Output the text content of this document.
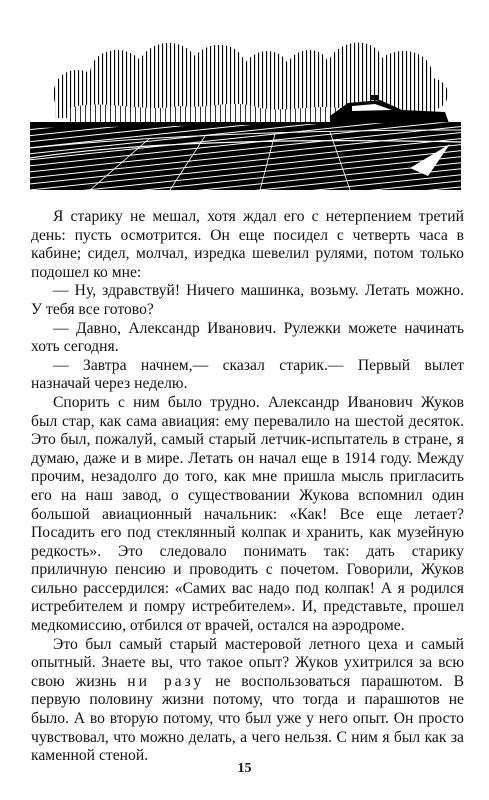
Я старику не мешал, хотя ждал его с нетерпением третий день: пусть осмотрится. Он еще посидел с четверть часа в кабине; сидел, молчал, изредка шевелил рулями, потом только подошел ко мне:

— Ну, здравствуй! Ничего машинка, возьму. Летать можно. У тебя все готово?

— Давно, Александр Иванович. Рулежки можете начинать хоть сегодня.

— Завтра начнем,— сказал старик.— Первый вылет назначай через неделю.

Спорить с ним было трудно. Александр Иванович Жуков был стар, как сама авиация: ему перевалило на шестой десяток. Это был, пожалуй, самый старый летчик-испытатель в стране, я думаю, даже и в мире. Летать он начал еще в 1914 году. Между прочим, незадолго до того, как мне пришла мысль пригласить его на наш завод, о существовании Жукова вспомнил один большой авиационный начальник: «Как! Все еще летает? Посадить его под стеклянный колпак и хранить, как музейную редкость». Это следовало понимать так: дать старику приличную пенсию и проводить с почетом. Говорили, Жуков сильно рассердился: «Самих вас надо под колпак! А я родился истребителем и помру истребителем». И, представьте, прошел медкомиссию, отбился от врачей, остался на аэродроме.

Это был самый старый мастеровой летного цеха и самый опытный. Знаете вы, что такое опыт? Жуков ухитрился за всю свою жизнь ни разу не воспользоваться парашютом. В первую половину жизни потому, что тогда и парашютов не было. А во вторую потому, что был уже у него опыт. Он просто чувствовал, что можно делать, а чего нельзя. С ним я был как за каменной стеной.

15
